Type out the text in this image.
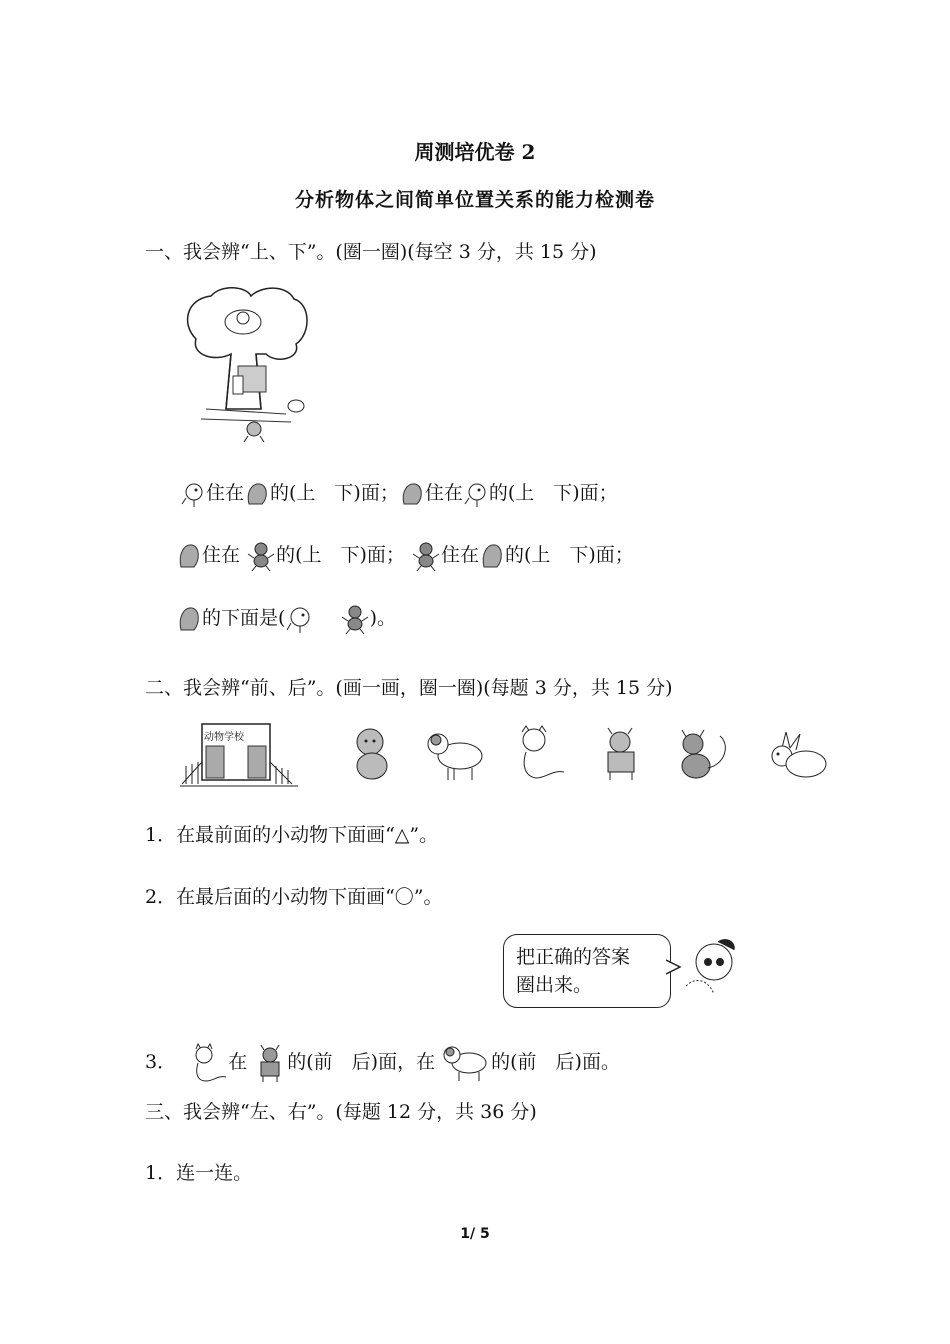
周测培优卷 2
分析物体之间简单位置关系的能力检测卷
一、我会辨“上、下”。(圈一圈)(每空 3 分，共 15 分)
住在 的(上　下)面； 住在 的(上　下)面；
住在 的(上　下)面； 住在 的(上　下)面；
的下面是(
	)。
二、我会辨“前、后”。(画一画，圈一圈)(每题 3 分，共 15 分)
动物学校
1．在最前面的小动物下面画“△”。
2．在最后面的小动物下面画“〇”。
把正确的答案
圈出来。
3．	在 的(前　后)面，在	的(前　后)面。
三、我会辨“左、右”。(每题 12 分，共 36 分)
1．连一连。
1/ 5
